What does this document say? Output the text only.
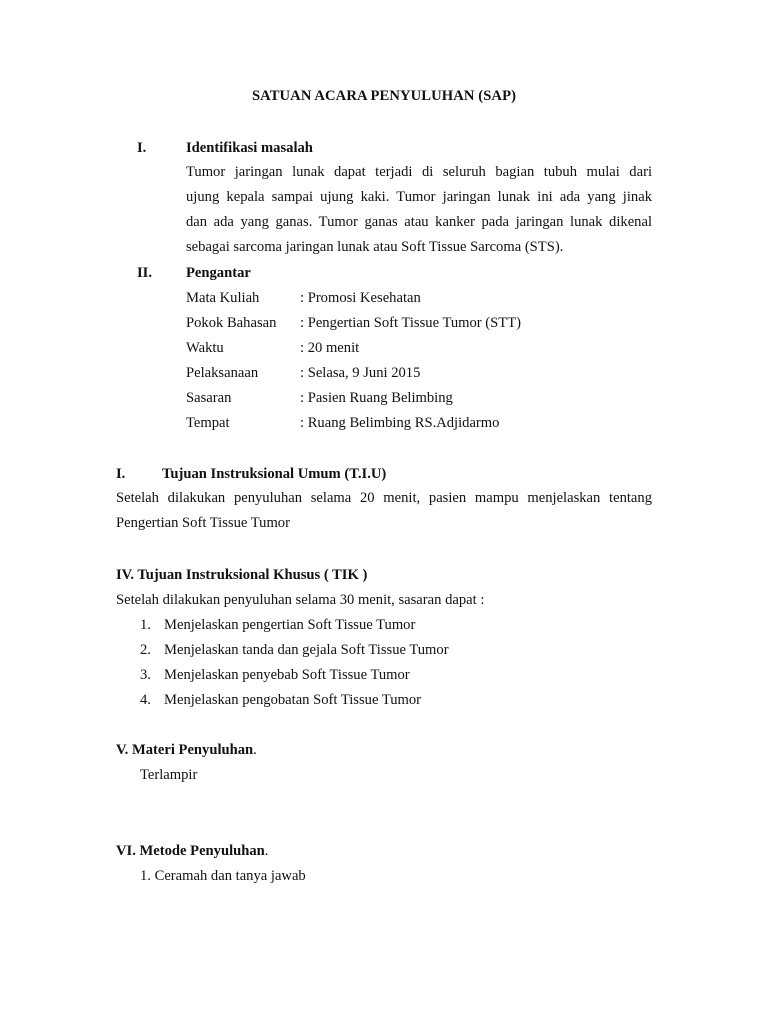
SATUAN ACARA PENYULUHAN (SAP)
I.	Identifikasi masalah
Tumor jaringan lunak dapat terjadi di seluruh bagian tubuh mulai dari
ujung kepala sampai ujung kaki. Tumor jaringan lunak ini ada yang jinak
dan ada yang ganas. Tumor ganas atau kanker pada jaringan lunak dikenal
sebagai sarcoma jaringan lunak atau Soft Tissue Sarcoma (STS).
II. Pengantar
Mata Kuliah	: Promosi Kesehatan
Pokok Bahasan : Pengertian Soft Tissue Tumor (STT)
Waktu	: 20 menit
Pelaksanaan	: Selasa, 9 Juni 2015
Sasaran	: Pasien Ruang Belimbing
Tempat	: Ruang Belimbing RS.Adjidarmo
I.	Tujuan Instruksional Umum (T.I.U)
Setelah dilakukan penyuluhan selama 20 menit, pasien mampu menjelaskan tentang
Pengertian Soft Tissue Tumor
IV. Tujuan Instruksional Khusus ( TIK )
Setelah dilakukan penyuluhan selama 30 menit, sasaran dapat :
1. Menjelaskan pengertian Soft Tissue Tumor
2. Menjelaskan tanda dan gejala Soft Tissue Tumor
3. Menjelaskan penyebab Soft Tissue Tumor
4. Menjelaskan pengobatan Soft Tissue Tumor
V. Materi Penyuluhan.
Terlampir
VI. Metode Penyuluhan.
1. Ceramah dan tanya jawab
